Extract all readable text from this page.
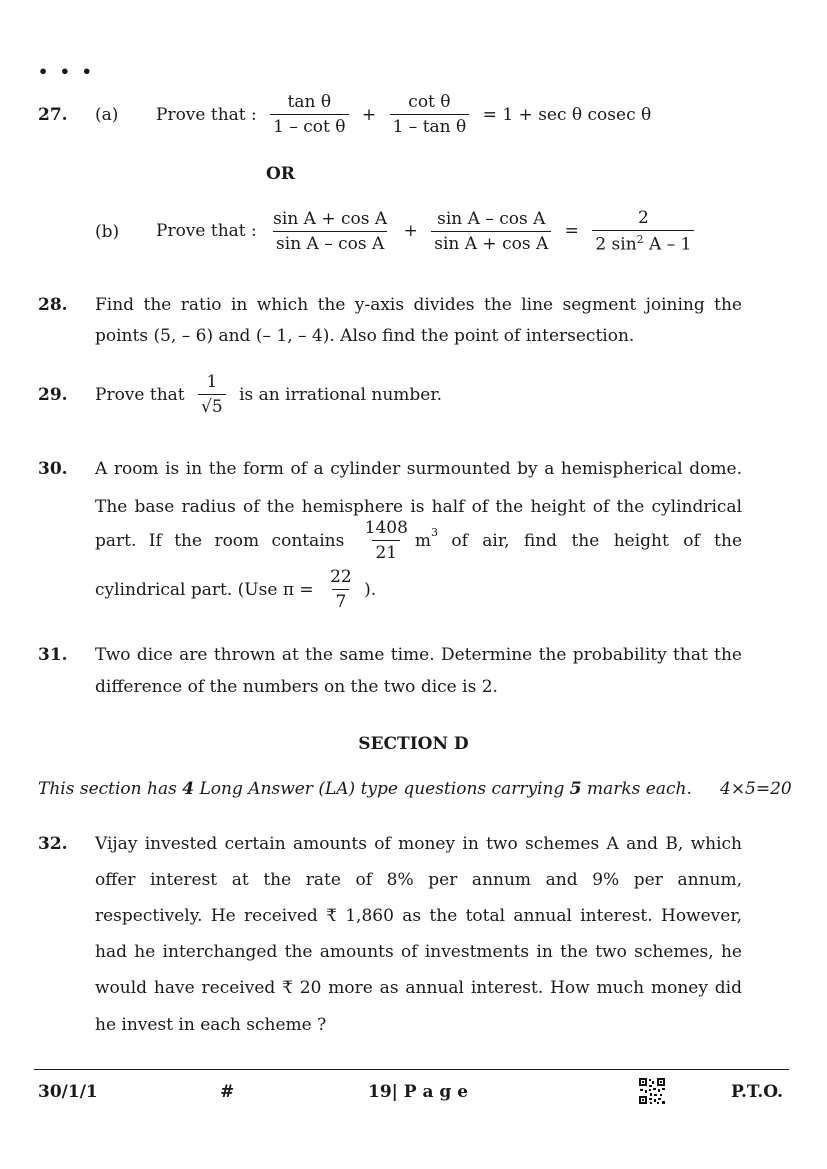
• • •
27. (a) Prove that : $\frac{\text{tan θ}}{\text{1 – cot θ}} + \frac{\text{cot θ}}{\text{1 – tan θ}} = 1 + \sec \theta$ cosec θ
OR
(b) Prove that : $\frac{\text{sin A + cos A}}{\text{sin A – cos A}} + \frac{\text{sin A – cos A}}{\text{sin A + cos A}} = \frac{2}{2 \sin^2 A - 1}$
28. Find the ratio in which the y-axis divides the line segment joining the
points (5, – 6) and (– 1, – 4). Also find the point of intersection.
29. Prove that $\frac{1}{√5}$ is an irrational number.
30. A room is in the form of a cylinder surmounted by a hemispherical dome.
The base radius of the hemisphere is half of the height of the cylindrical
part. If the room contains $\frac{1408}{21} m^3$ of air, find the height of the
cylindrical part. (Use $\pi = \frac{22}{7}$ ).
31. Two dice are thrown at the same time. Determine the probability that the
difference of the numbers on the two dice is 2.
SECTION D
This section has 4 Long Answer (LA) type questions carrying 5 marks each. 4×5=20
32. Vijay invested certain amounts of money in two schemes A and B, which
offer interest at the rate of 8% per annum and 9% per annum,
respectively. He received ₹ 1,860 as the total annual interest. However,
had he interchanged the amounts of investments in the two schemes, he
would have received ₹ 20 more as annual interest. How much money did
he invest in each scheme ?
30/1/1	#	19| P a g e	P.T.O.
